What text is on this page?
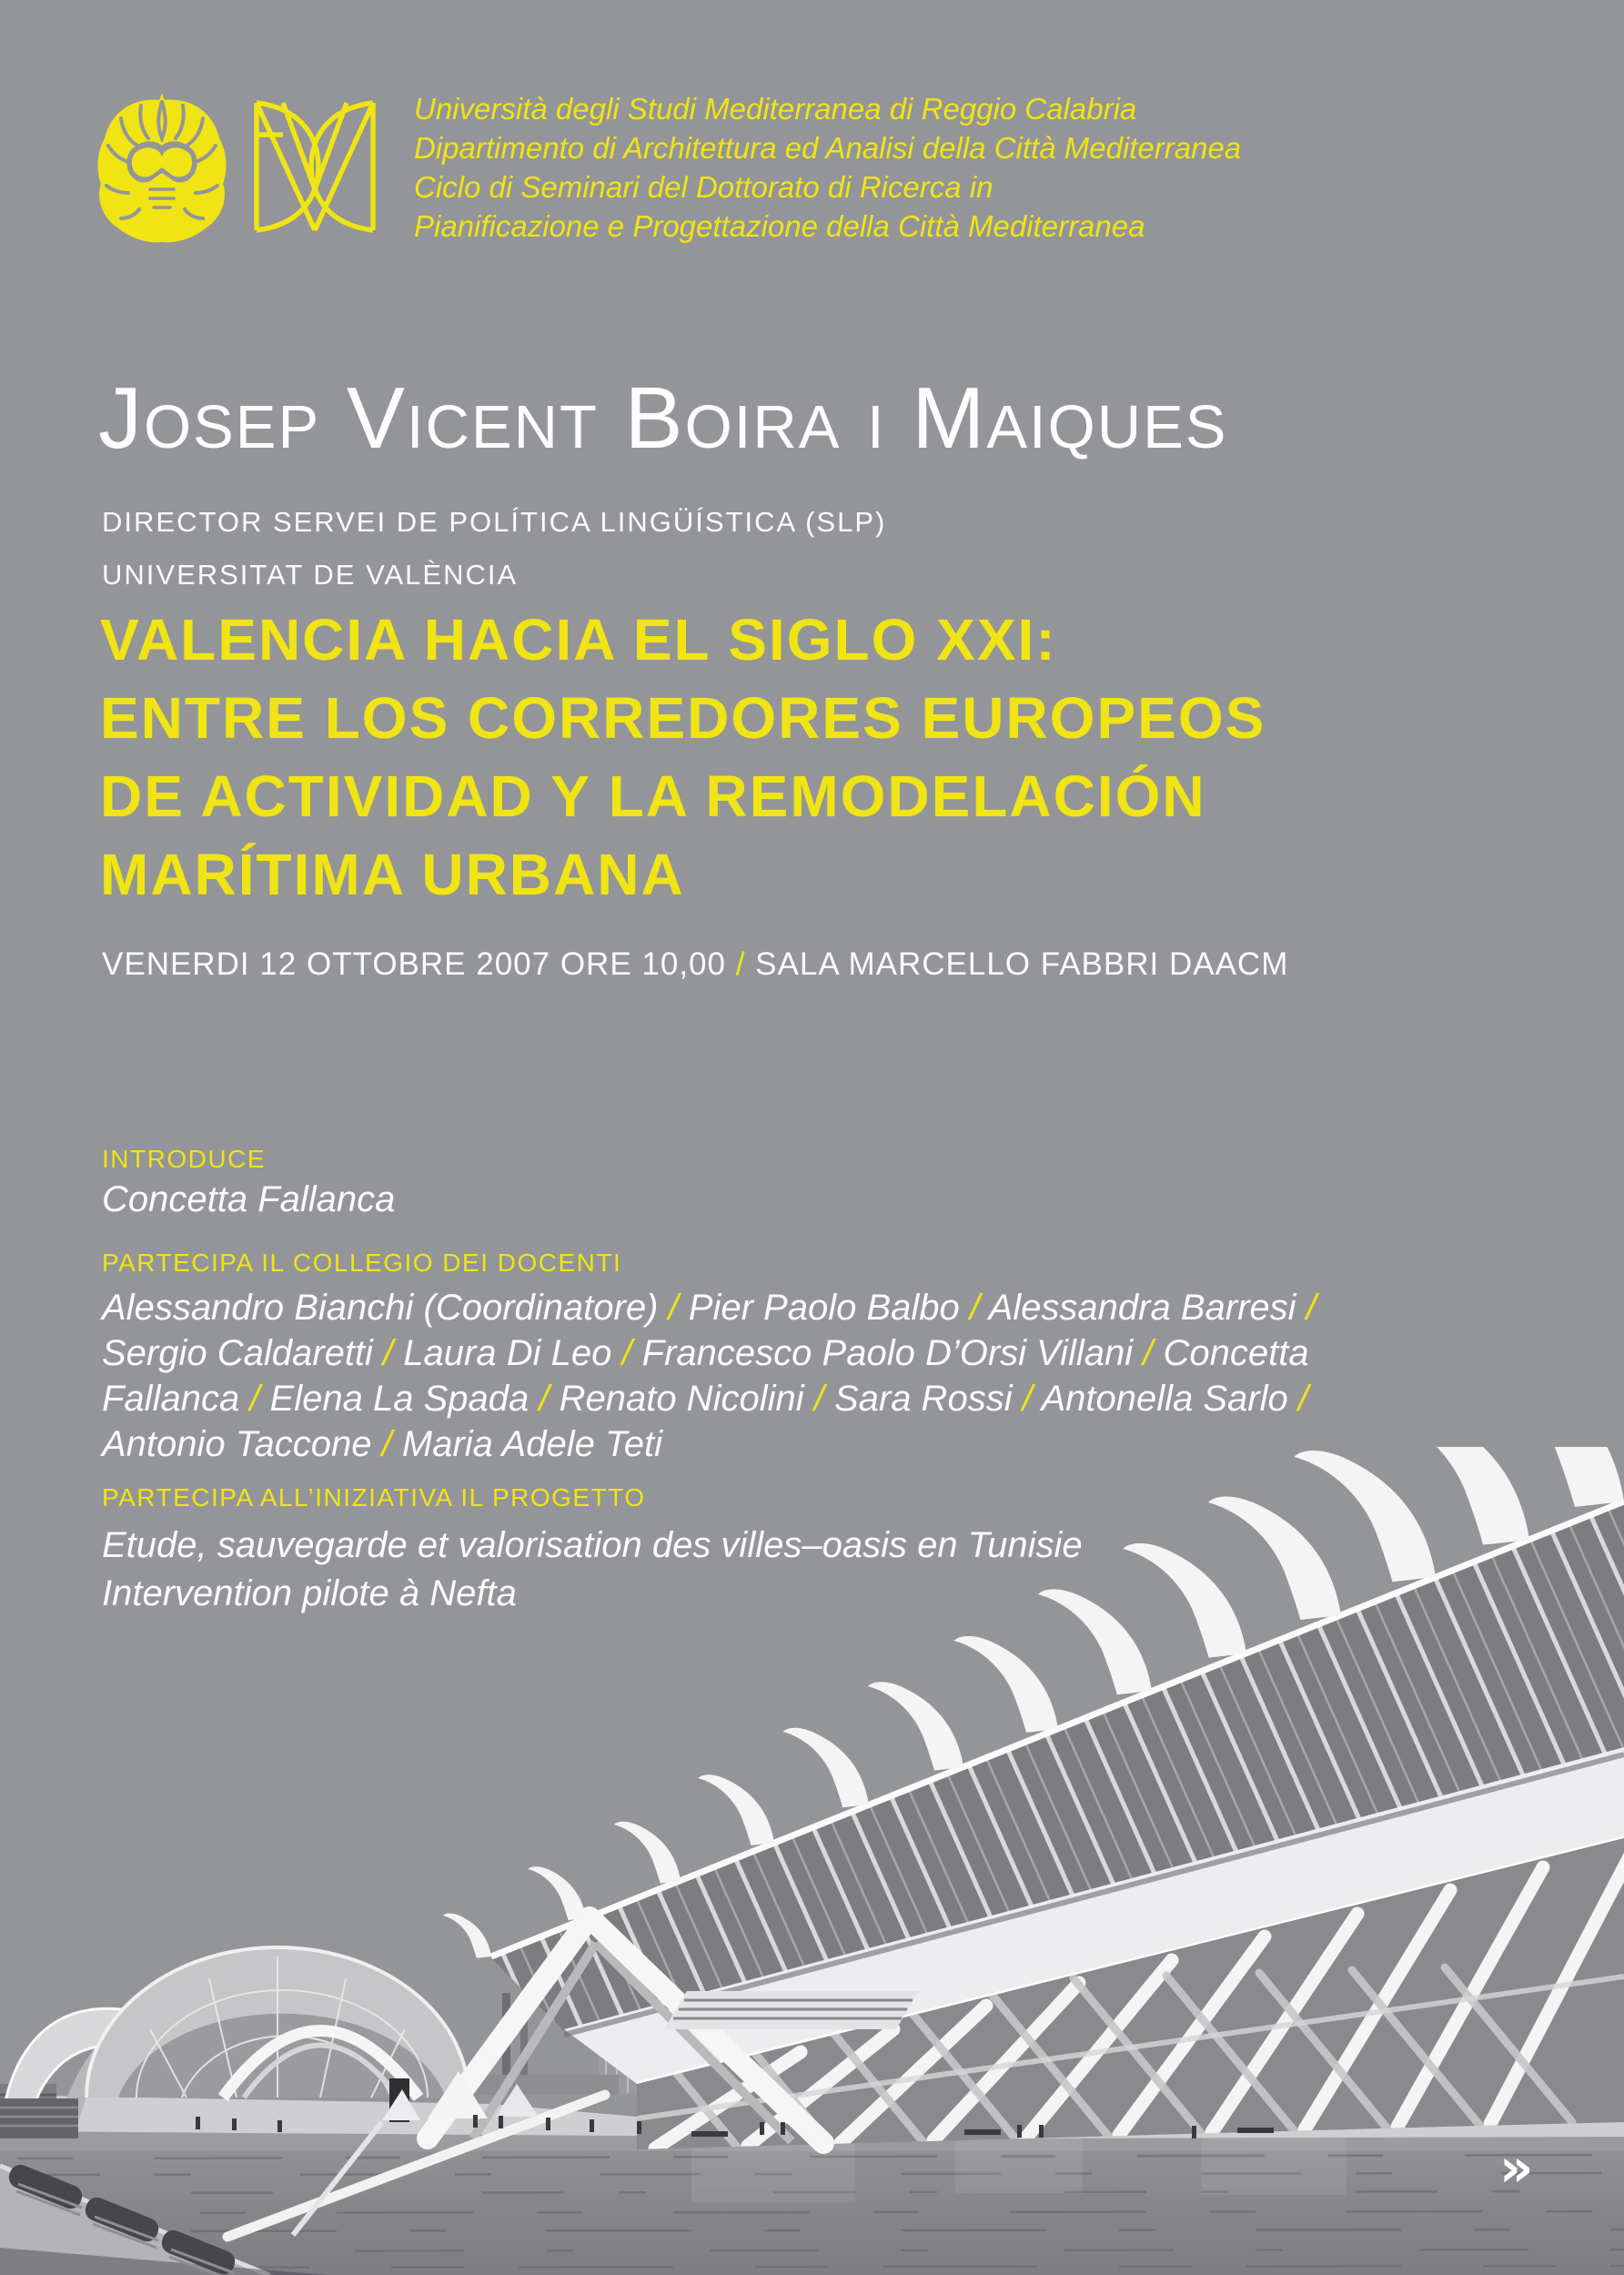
Università degli Studi Mediterranea di Reggio Calabria
Dipartimento di Architettura ed Analisi della Città Mediterranea
Ciclo di Seminari del Dottorato di Ricerca in
Pianificazione e Progettazione della Città Mediterranea
Josep Vicent Boira i Maiques
DIRECTOR SERVEI DE POLÍTICA LINGÜÍSTICA (SLP)
UNIVERSITAT DE VALÈNCIA
VALENCIA HACIA EL SIGLO XXI:
ENTRE LOS CORREDORES EUROPEOS
DE ACTIVIDAD Y LA REMODELACIÓN
MARÍTIMA URBANA
VENERDI 12 OTTOBRE 2007 ORE 10,00 / SALA MARCELLO FABBRI DAACM
INTRODUCE
Concetta Fallanca
PARTECIPA IL COLLEGIO DEI DOCENTI
Alessandro Bianchi (Coordinatore) / Pier Paolo Balbo / Alessandra Barresi / Sergio Caldaretti / Laura Di Leo / Francesco Paolo D’Orsi Villani / Concetta Fallanca / Elena La Spada / Renato Nicolini / Sara Rossi / Antonella Sarlo / Antonio Taccone / Maria Adele Teti
PARTECIPA ALL’INIZIATIVA IL PROGETTO
Etude, sauvegarde et valorisation des villes–oasis en Tunisie
Intervention pilote à Nefta
»
